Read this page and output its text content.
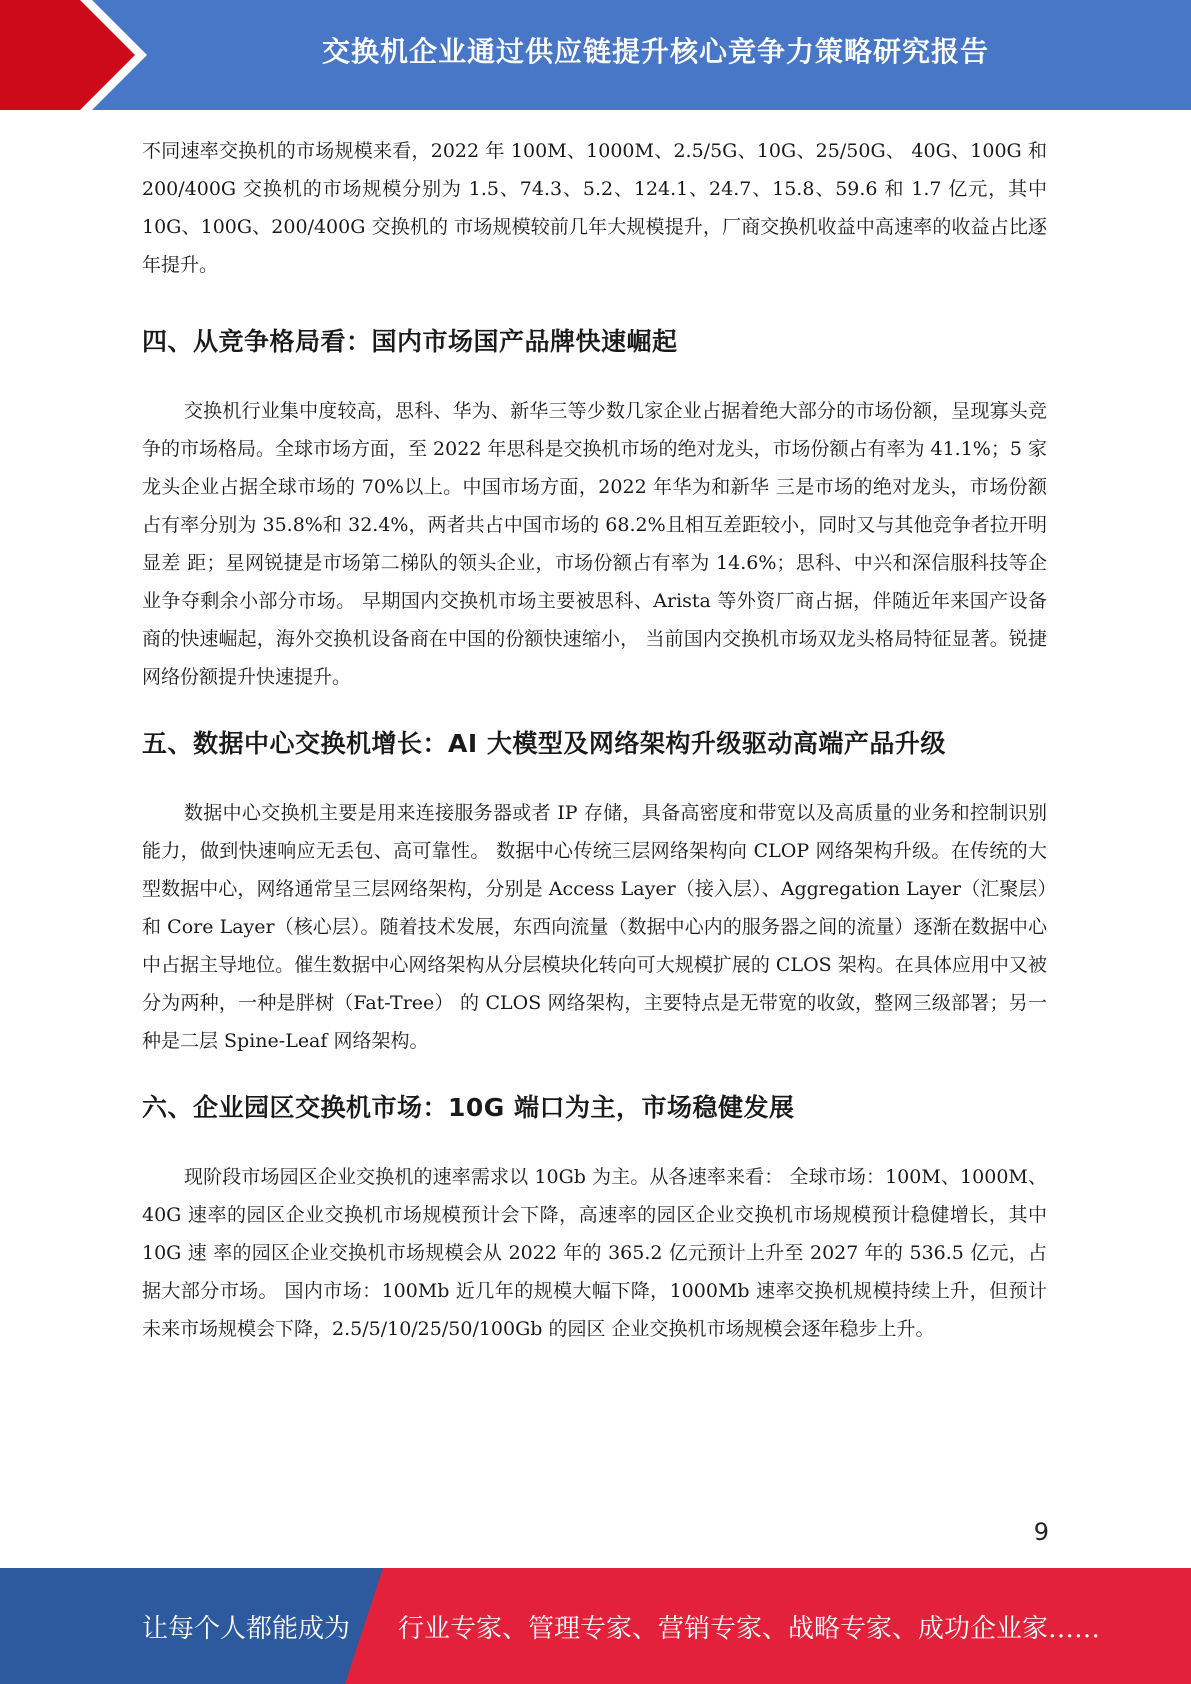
交换机企业通过供应链提升核心竞争力策略研究报告

不同速率交换机的市场规模来看，2022 年 100M、1000M、2.5/5G、10G、25/50G、 40G、100G 和 200/400G 交换机的市场规模分别为 1.5、74.3、5.2、124.1、24.7、15.8、59.6 和 1.7 亿元，其中 10G、100G、200/400G 交换机的 市场规模较前几年大规模提升，厂商交换机收益中高速率的收益占比逐年提升。

四、从竞争格局看：国内市场国产品牌快速崛起

交换机行业集中度较高，思科、华为、新华三等少数几家企业占据着绝大部分的市场份额，呈现寡头竞争的市场格局。全球市场方面，至 2022 年思科是交换机市场的绝对龙头，市场份额占有率为 41.1%；5 家龙头企业占据全球市场的 70%以上。中国市场方面，2022 年华为和新华 三是市场的绝对龙头，市场份额占有率分别为 35.8%和 32.4%，两者共占中国市场的 68.2%且相互差距较小，同时又与其他竞争者拉开明显差 距；星网锐捷是市场第二梯队的领头企业，市场份额占有率为 14.6%；思科、中兴和深信服科技等企业争夺剩余小部分市场。 早期国内交换机市场主要被思科、Arista 等外资厂商占据，伴随近年来国产设备商的快速崛起，海外交换机设备商在中国的份额快速缩小， 当前国内交换机市场双龙头格局特征显著。锐捷网络份额提升快速提升。

五、数据中心交换机增长：AI 大模型及网络架构升级驱动高端产品升级

数据中心交换机主要是用来连接服务器或者 IP 存储，具备高密度和带宽以及高质量的业务和控制识别能力，做到快速响应无丢包、高可靠性。 数据中心传统三层网络架构向 CLOP 网络架构升级。在传统的大型数据中心，网络通常呈三层网络架构，分别是 Access Layer（接入层）、Aggregation Layer（汇聚层）和 Core Layer（核心层）。随着技术发展，东西向流量（数据中心内的服务器之间的流量）逐渐在数据中心 中占据主导地位。催生数据中心网络架构从分层模块化转向可大规模扩展的 CLOS 架构。在具体应用中又被分为两种，一种是胖树（Fat-Tree） 的 CLOS 网络架构，主要特点是无带宽的收敛，整网三级部署；另一种是二层 Spine-Leaf 网络架构。

六、企业园区交换机市场：10G 端口为主，市场稳健发展

现阶段市场园区企业交换机的速率需求以 10Gb 为主。从各速率来看： 全球市场：100M、1000M、40G 速率的园区企业交换机市场规模预计会下降，高速率的园区企业交换机市场规模预计稳健增长，其中 10G 速 率的园区企业交换机市场规模会从 2022 年的 365.2 亿元预计上升至 2027 年的 536.5 亿元，占据大部分市场。 国内市场：100Mb 近几年的规模大幅下降，1000Mb 速率交换机规模持续上升，但预计未来市场规模会下降，2.5/5/10/25/50/100Gb 的园区 企业交换机市场规模会逐年稳步上升。

9
让每个人都能成为 行业专家、管理专家、营销专家、战略专家、成功企业家……
